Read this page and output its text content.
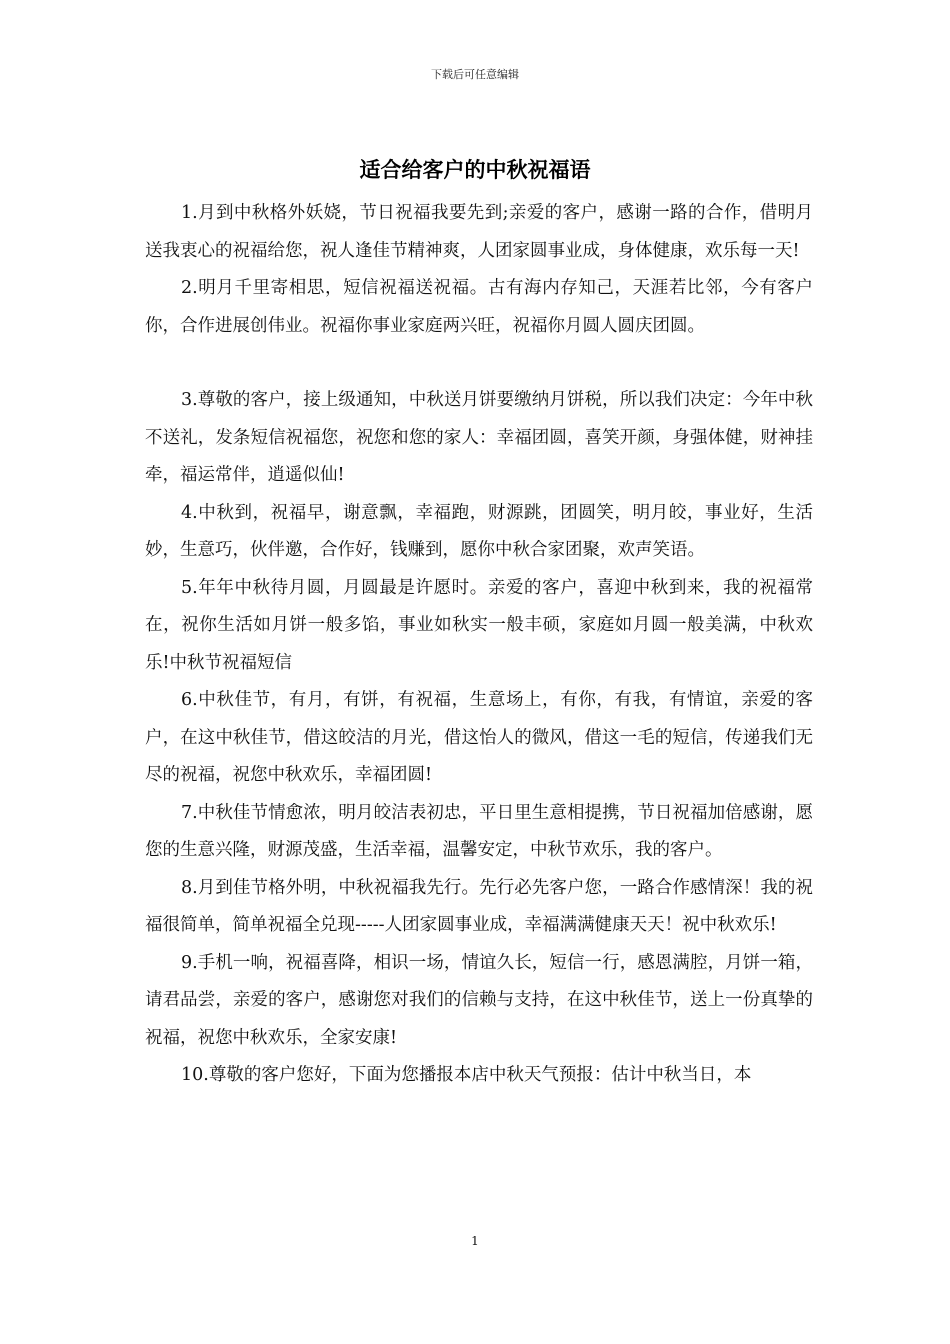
下载后可任意编辑
适合给客户的中秋祝福语

1.月到中秋格外妖娆，节日祝福我要先到;亲爱的客户，感谢一路的合作，借明月送我衷心的祝福给您，祝人逢佳节精神爽，人团家圆事业成，身体健康，欢乐每一天!

2.明月千里寄相思，短信祝福送祝福。古有海内存知己，天涯若比邻，今有客户你，合作进展创伟业。祝福你事业家庭两兴旺，祝福你月圆人圆庆团圆。

3.尊敬的客户，接上级通知，中秋送月饼要缴纳月饼税，所以我们决定：今年中秋不送礼，发条短信祝福您，祝您和您的家人：幸福团圆，喜笑开颜，身强体健，财神挂牵，福运常伴，逍遥似仙!

4.中秋到，祝福早，谢意飘，幸福跑，财源跳，团圆笑，明月皎，事业好，生活妙，生意巧，伙伴邀，合作好，钱赚到，愿你中秋合家团聚，欢声笑语。

5.年年中秋待月圆，月圆最是许愿时。亲爱的客户，喜迎中秋到来，我的祝福常在，祝你生活如月饼一般多馅，事业如秋实一般丰硕，家庭如月圆一般美满，中秋欢乐!中秋节祝福短信

6.中秋佳节，有月，有饼，有祝福，生意场上，有你，有我，有情谊，亲爱的客户，在这中秋佳节，借这皎洁的月光，借这怡人的微风，借这一毛的短信，传递我们无尽的祝福，祝您中秋欢乐，幸福团圆!

7.中秋佳节情愈浓，明月皎洁表初忠，平日里生意相提携，节日祝福加倍感谢，愿您的生意兴隆，财源茂盛，生活幸福，温馨安定，中秋节欢乐，我的客户。

8.月到佳节格外明，中秋祝福我先行。先行必先客户您，一路合作感情深！我的祝福很简单，简单祝福全兑现-----人团家圆事业成，幸福满满健康天天！祝中秋欢乐!

9.手机一响，祝福喜降，相识一场，情谊久长，短信一行，感恩满腔，月饼一箱，请君品尝，亲爱的客户，感谢您对我们的信赖与支持，在这中秋佳节，送上一份真挚的祝福，祝您中秋欢乐，全家安康!

10.尊敬的客户您好，下面为您播报本店中秋天气预报：估计中秋当日，本

1
